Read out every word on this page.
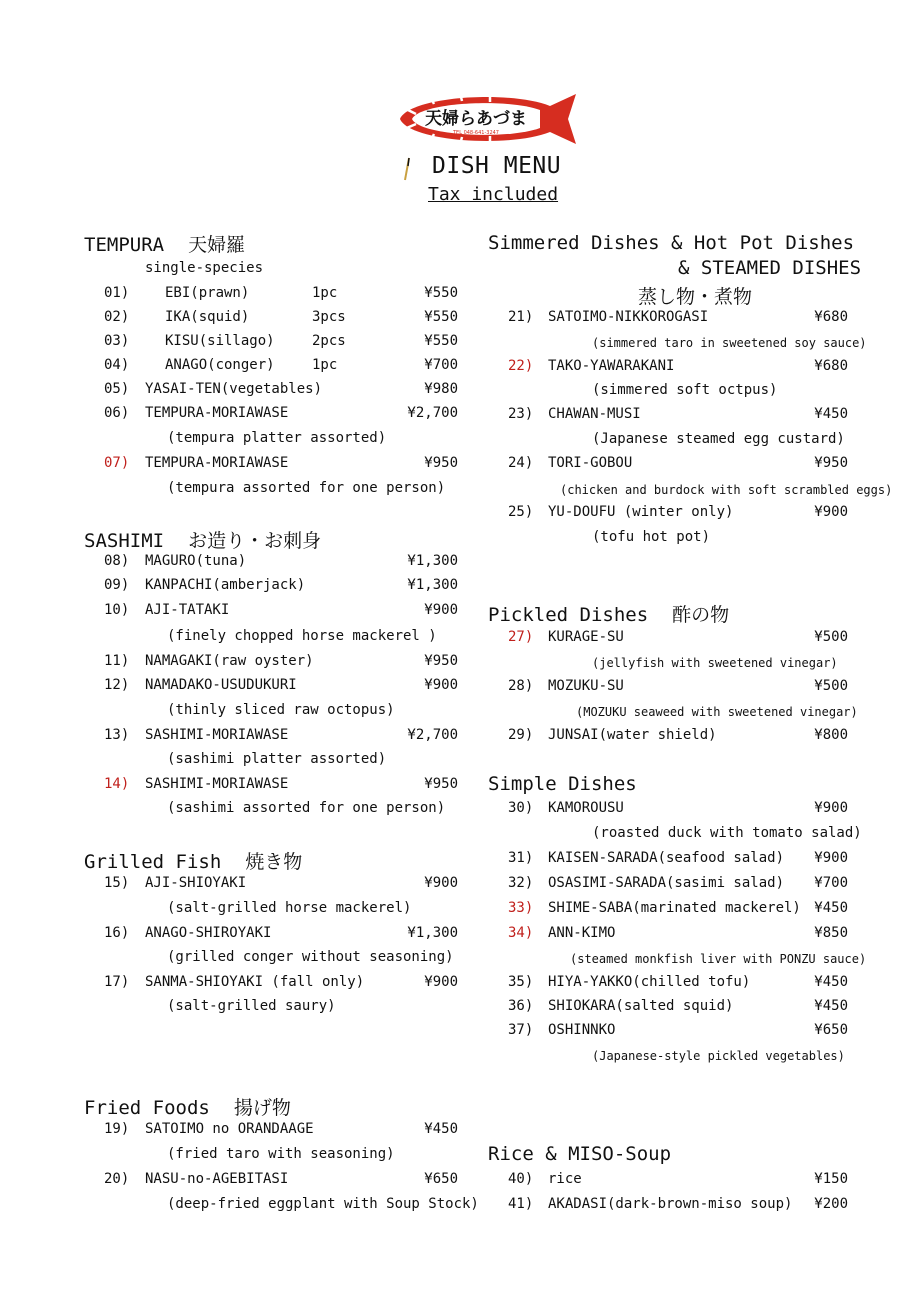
天婦らあづま
TEL 048-641-3247
DISH MENU
Tax included
TEMPURA 天婦羅
single-species
01)	EBI(prawn)	1pc	¥550
02)	IKA(squid)	3pcs	¥550
03)	KISU(sillago)	2pcs	¥550
04)	ANAGO(conger)	1pc	¥700
05) YASAI-TEN(vegetables)	¥980
06) TEMPURA-MORIAWASE	¥2,700
(tempura platter assorted)
07) TEMPURA-MORIAWASE	¥950
(tempura assorted for one person)
SASHIMI お造り・お刺身
08) MAGURO(tuna)	¥1,300
09) KANPACHI(amberjack)	¥1,300
10) AJI-TATAKI	¥900
(finely chopped horse mackerel )
11) NAMAGAKI(raw oyster)	¥950
12) NAMADAKO-USUDUKURI	¥900
(thinly sliced raw octopus)
13) SASHIMI-MORIAWASE	¥2,700
(sashimi platter assorted)
14) SASHIMI-MORIAWASE	¥950
(sashimi assorted for one person)
Grilled Fish 焼き物
15) AJI-SHIOYAKI	¥900
(salt-grilled horse mackerel)
16) ANAGO-SHIROYAKI	¥1,300
(grilled conger without seasoning)
17) SANMA-SHIOYAKI (fall only)	¥900
(salt-grilled saury)
Fried Foods 揚げ物
19) SATOIMO no ORANDAAGE	¥450
(fried taro with seasoning)
20) NASU-no-AGEBITASI	¥650
(deep-fried eggplant with Soup Stock)
Simmered Dishes & Hot Pot Dishes
& STEAMED DISHES
蒸し物・煮物
21) SATOIMO-NIKKOROGASI	¥680
(simmered taro in sweetened soy sauce)
22) TAKO-YAWARAKANI	¥680
(simmered soft octpus)
23) CHAWAN-MUSI	¥450
(Japanese steamed egg custard)
24) TORI-GOBOU	¥950
(chicken and burdock with soft scrambled eggs)
25) YU-DOUFU (winter only)	¥900
(tofu hot pot)
Pickled Dishes 酢の物
27) KURAGE-SU	¥500
(jellyfish with sweetened vinegar)
28) MOZUKU-SU	¥500
(MOZUKU seaweed with sweetened vinegar)
29) JUNSAI(water shield)	¥800
Simple Dishes
30) KAMOROUSU	¥900
(roasted duck with tomato salad)
31) KAISEN-SARADA(seafood salad)	¥900
32) OSASIMI-SARADA(sasimi salad)	¥700
33) SHIME-SABA(marinated mackerel) ¥450
34) ANN-KIMO	¥850
(steamed monkfish liver with PONZU sauce)
35) HIYA-YAKKO(chilled tofu)	¥450
36) SHIOKARA(salted squid)	¥450
37) OSHINNKO	¥650
(Japanese-style pickled vegetables)
Rice & MISO-Soup
40) rice	¥150
41) AKADASI(dark-brown-miso soup)	¥200
